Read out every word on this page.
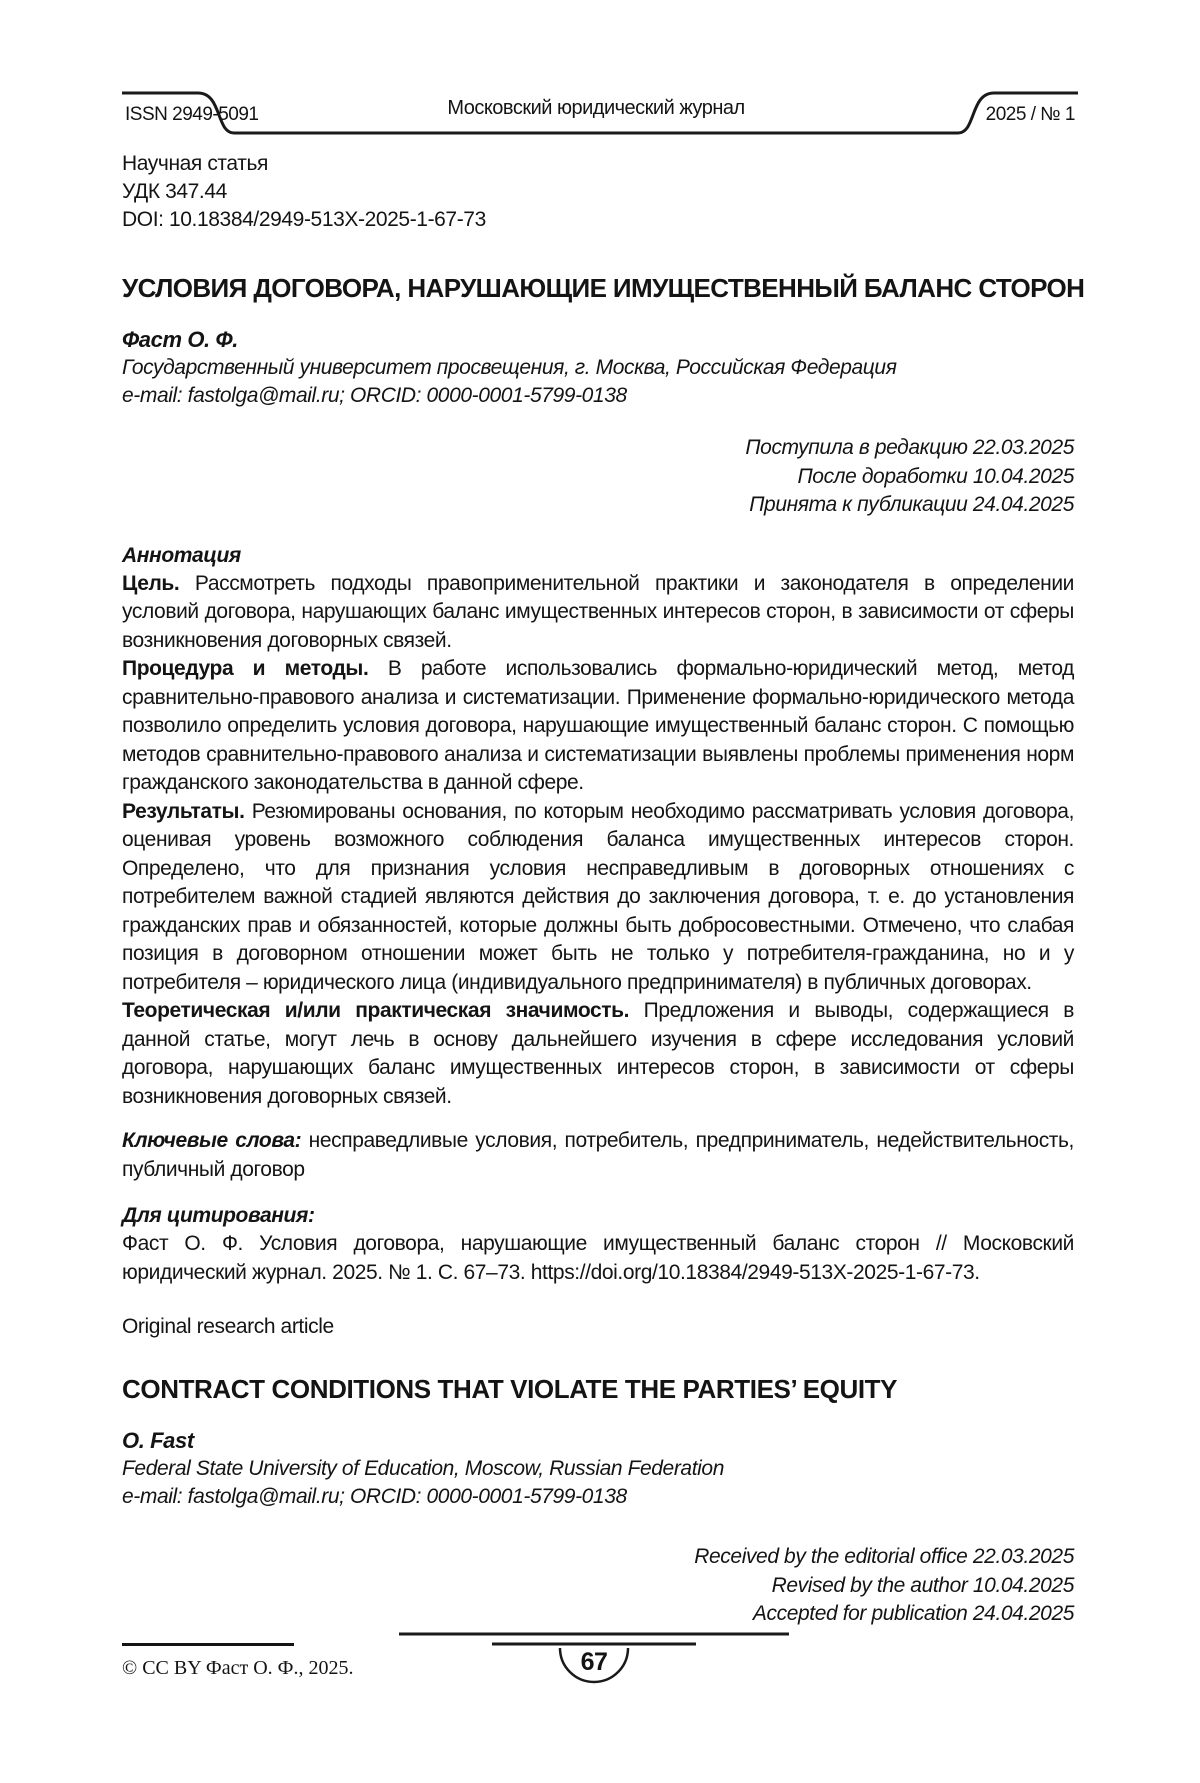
ISSN 2949-5091	Московский юридический журнал	2025 / № 1

Научная статья

УДК 347.44

DOI: 10.18384/2949-513X-2025-1-67-73

УСЛОВИЯ ДОГОВОРА, НАРУШАЮЩИЕ ИМУЩЕСТВЕННЫЙ БАЛАНС СТОРОН

Фаст О. Ф.

Государственный университет просвещения, г. Москва, Российская Федерация

e-mail: fastolga@mail.ru; ORCID: 0000-0001-5799-0138

Поступила в редакцию 22.03.2025

После доработки 10.04.2025

Принята к публикации 24.04.2025

Аннотация

Цель. Рассмотреть подходы правоприменительной практики и законодателя в определении условий договора, нарушающих баланс имущественных интересов сторон, в зависимости от сферы возникновения договорных связей.

Процедура и методы. В работе использовались формально-юридический метод, метод сравнительно-правового анализа и систематизации. Применение формально-юридического метода позволило определить условия договора, нарушающие имущественный баланс сторон. С помощью методов сравнительно-правового анализа и систематизации выявлены проблемы применения норм гражданского законодательства в данной сфере.

Результаты. Резюмированы основания, по которым необходимо рассматривать условия договора, оценивая уровень возможного соблюдения баланса имущественных интересов сторон. Определено, что для признания условия несправедливым в договорных отношениях с потребителем важной стадией являются действия до заключения договора, т. е. до установления гражданских прав и обязанностей, которые должны быть добросовестными. Отмечено, что слабая позиция в договорном отношении может быть не только у потребителя-гражданина, но и у потребителя – юридического лица (индивидуального предпринимателя) в публичных договорах.

Теоретическая и/или практическая значимость. Предложения и выводы, содержащиеся в данной статье, могут лечь в основу дальнейшего изучения в сфере исследования условий договора, нарушающих баланс имущественных интересов сторон, в зависимости от сферы возникновения договорных связей.

Ключевые слова: несправедливые условия, потребитель, предприниматель, недействительность, публичный договор

Для цитирования:

Фаст О. Ф. Условия договора, нарушающие имущественный баланс сторон // Московский юридический журнал. 2025. № 1. С. 67–73. https://doi.org/10.18384/2949-513X-2025-1-67-73.

Original research article

CONTRACT CONDITIONS THAT VIOLATE THE PARTIES’ EQUITY

O. Fast

Federal State University of Education, Moscow, Russian Federation

e-mail: fastolga@mail.ru; ORCID: 0000-0001-5799-0138

Received by the editorial office 22.03.2025

Revised by the author 10.04.2025

Accepted for publication 24.04.2025

© CC BY Фаст О. Ф., 2025.	67
